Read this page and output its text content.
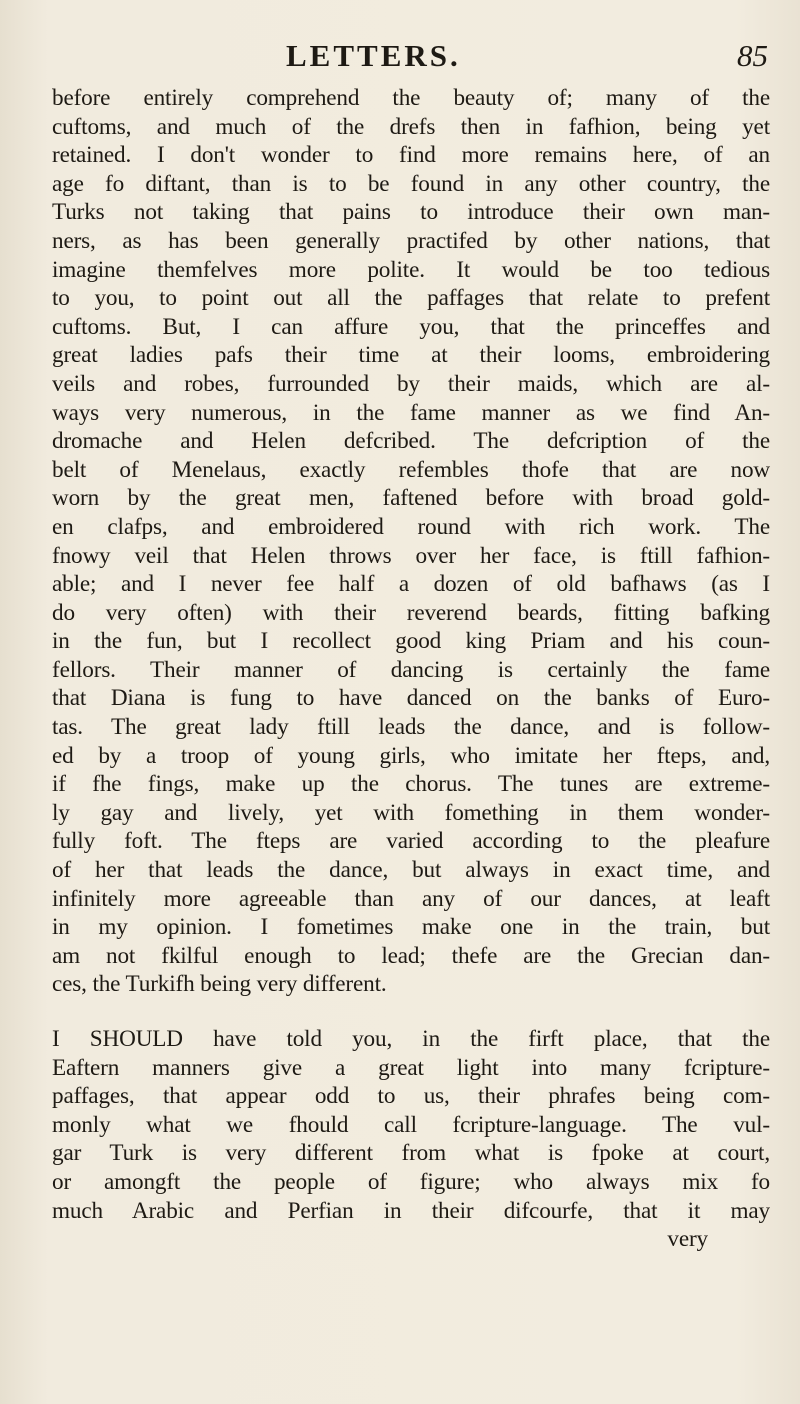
LETTERS.	85
before entirely comprehend the beauty of; many of the
cuftoms, and much of the drefs then in fafhion, being yet
retained. I don't wonder to find more remains here, of an
age fo diftant, than is to be found in any other country, the
Turks not taking that pains to introduce their own man-
ners, as has been generally practifed by other nations, that
imagine themfelves more polite. It would be too tedious
to you, to point out all the paffages that relate to prefent
cuftoms. But, I can affure you, that the princeffes and
great ladies pafs their time at their looms, embroidering
veils and robes, furrounded by their maids, which are al-
ways very numerous, in the fame manner as we find An-
dromache and Helen defcribed. The defcription of the
belt of Menelaus, exactly refembles thofe that are now
worn by the great men, faftened before with broad gold-
en clafps, and embroidered round with rich work. The
fnowy veil that Helen throws over her face, is ftill fafhion-
able; and I never fee half a dozen of old bafhaws (as I
do very often) with their reverend beards, fitting bafking
in the fun, but I recollect good king Priam and his coun-
fellors. Their manner of dancing is certainly the fame
that Diana is fung to have danced on the banks of Euro-
tas. The great lady ftill leads the dance, and is follow-
ed by a troop of young girls, who imitate her fteps, and,
if fhe fings, make up the chorus. The tunes are extreme-
ly gay and lively, yet with fomething in them wonder-
fully foft. The fteps are varied according to the pleafure
of her that leads the dance, but always in exact time, and
infinitely more agreeable than any of our dances, at leaft
in my opinion. I fometimes make one in the train, but
am not fkilful enough to lead; thefe are the Grecian dan-
ces, the Turkifh being very different.
I SHOULD have told you, in the firft place, that the
Eaftern manners give a great light into many fcripture-
paffages, that appear odd to us, their phrafes being com-
monly what we fhould call fcripture-language. The vul-
gar Turk is very different from what is fpoke at court,
or amongft the people of figure; who always mix fo
much Arabic and Perfian in their difcourfe, that it may
very
